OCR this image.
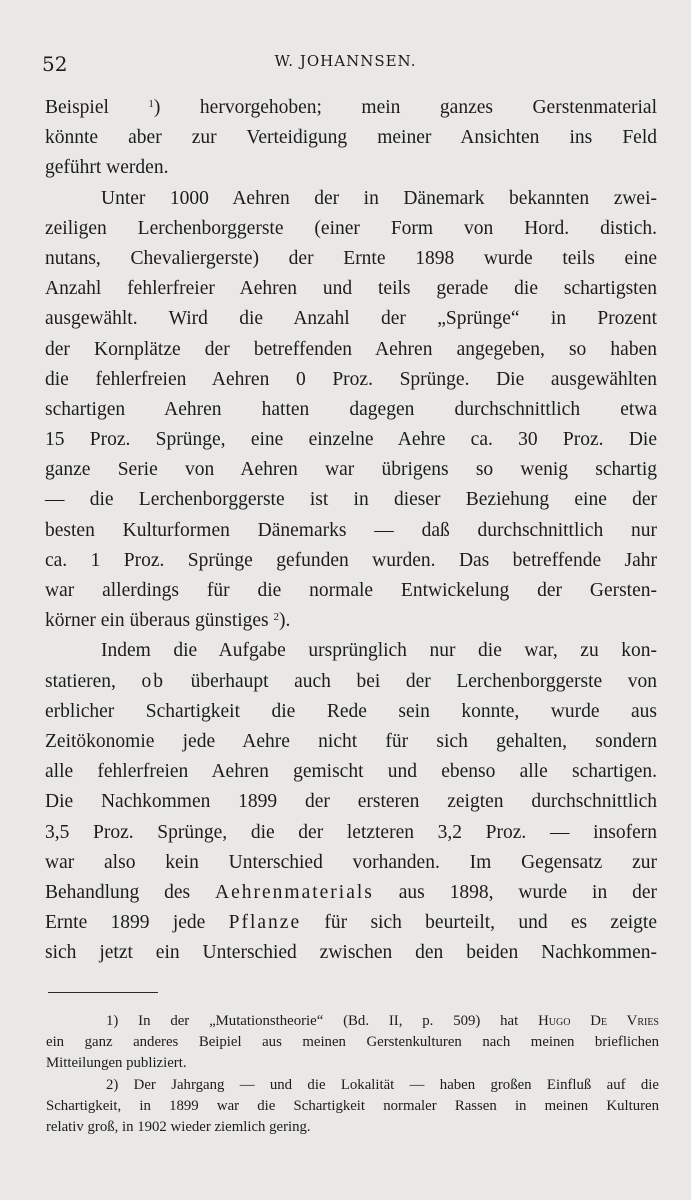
52	W. JOHANNSEN.
Beispiel $^1$) hervorgehoben; mein ganzes Gerstenmaterial
könnte aber zur Verteidigung meiner Ansichten ins Feld
geführt werden.
Unter 1000 Aehren der in Dänemark bekannten zwei-
zeiligen Lerchenborggerste (einer Form von Hord. distich.
nutans, Chevaliergerste) der Ernte 1898 wurde teils eine
Anzahl fehlerfreier Aehren und teils gerade die schartigsten
ausgewählt. Wird die Anzahl der „Sprünge“ in Prozent
der Kornplätze der betreffenden Aehren angegeben, so haben
die fehlerfreien Aehren 0 Proz. Sprünge. Die ausgewählten
schartigen Aehren hatten dagegen durchschnittlich etwa
15 Proz. Sprünge, eine einzelne Aehre ca. 30 Proz. Die
ganze Serie von Aehren war übrigens so wenig schartig
— die Lerchenborggerste ist in dieser Beziehung eine der
besten Kulturformen Dänemarks — daß durchschnittlich nur
ca. 1 Proz. Sprünge gefunden wurden. Das betreffende Jahr
war allerdings für die normale Entwickelung der Gersten-
körner ein überaus günstiges $^2$).
Indem die Aufgabe ursprünglich nur die war, zu kon-
statieren, ob überhaupt auch bei der Lerchenborggerste von
erblicher Schartigkeit die Rede sein konnte, wurde aus
Zeitökonomie jede Aehre nicht für sich gehalten, sondern
alle fehlerfreien Aehren gemischt und ebenso alle schartigen.
Die Nachkommen 1899 der ersteren zeigten durchschnittlich
3,5 Proz. Sprünge, die der letzteren 3,2 Proz. — insofern
war also kein Unterschied vorhanden. Im Gegensatz zur
Behandlung des Aehrenmaterials aus 1898, wurde in der
Ernte 1899 jede Pflanze für sich beurteilt, und es zeigte
sich jetzt ein Unterschied zwischen den beiden Nachkommen-
1) In der „Mutationstheorie“ (Bd. II, p. 509) hat Hugo De Vries
ein ganz anderes Beipiel aus meinen Gerstenkulturen nach meinen brieflichen
Mitteilungen publiziert.
2) Der Jahrgang — und die Lokalität — haben großen Einfluß auf die
Schartigkeit, in 1899 war die Schartigkeit normaler Rassen in meinen Kulturen
relativ groß, in 1902 wieder ziemlich gering.
